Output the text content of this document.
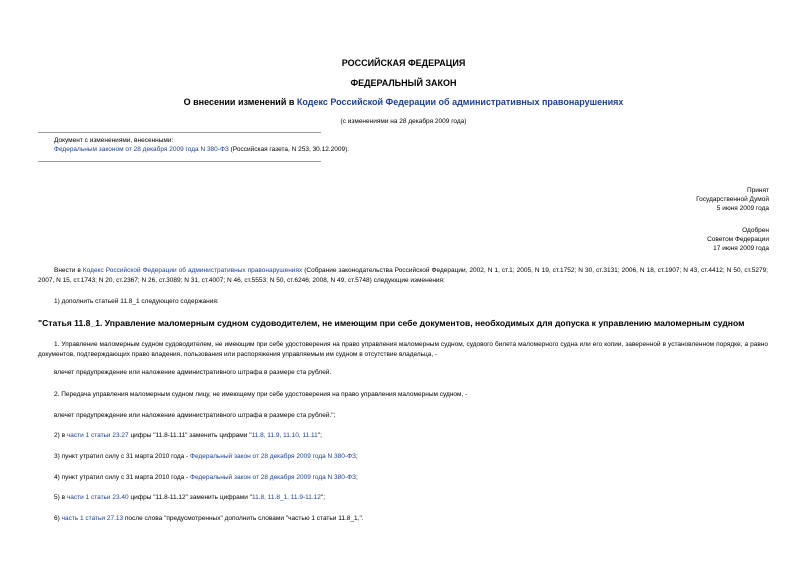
РОССИЙСКАЯ ФЕДЕРАЦИЯ
ФЕДЕРАЛЬНЫЙ ЗАКОН
О внесении изменений в Кодекс Российской Федерации об административных правонарушениях
(с изменениями на 28 декабря 2009 года)
Документ с изменениями, внесенными:
Федеральным законом от 28 декабря 2009 года N 380-ФЗ (Российская газета, N 253, 30.12.2009).
Принят
Государственной Думой
5 июня 2009 года
Одобрен
Советом Федерации
17 июня 2009 года
Внести в Кодекс Российской Федерации об административных правонарушениях (Собрание законодательства Российской Федерации, 2002, N 1, ст.1; 2005, N 19, ст.1752; N 30, ст.3131; 2006, N 18, ст.1907; N 43, ст.4412; N 50, ст.5279; 2007, N 15, ст.1743; N 20, ст.2367; N 26, ст.3089; N 31, ст.4007; N 46, ст.5553; N 50, ст.6246; 2008, N 49, ст.5748) следующие изменения:
1) дополнить статьей 11.8_1 следующего содержания:
"Статья 11.8_1. Управление маломерным судном судоводителем, не имеющим при себе документов, необходимых для допуска к управлению маломерным судном
1. Управление маломерным судном судоводителем, не имеющим при себе удостоверения на право управления маломерным судном, судового билета маломерного судна или его копии, заверенной в установленном порядке, а равно документов, подтверждающих право владения, пользования или распоряжения управляемым им судном в отсутствие владельца, -
влечет предупреждение или наложение административного штрафа в размере ста рублей.
2. Передача управления маломерным судном лицу, не имеющему при себе удостоверения на право управления маломерным судном, -
влечет предупреждение или наложение административного штрафа в размере ста рублей.";
2) в части 1 статьи 23.27 цифры "11.8-11.11" заменить цифрами "11.8, 11.9, 11.10, 11.11";
3) пункт утратил силу с 31 марта 2010 года - Федеральный закон от 28 декабря 2009 года N 380-ФЗ;
4) пункт утратил силу с 31 марта 2010 года - Федеральный закон от 28 декабря 2009 года N 380-ФЗ;
5) в части 1 статьи 23.40 цифры "11.8-11.12" заменить цифрами "11.8, 11.8_1, 11.9-11.12";
6) часть 1 статьи 27.13 после слова "предусмотренных" дополнить словами "частью 1 статьи 11.8_1,".
